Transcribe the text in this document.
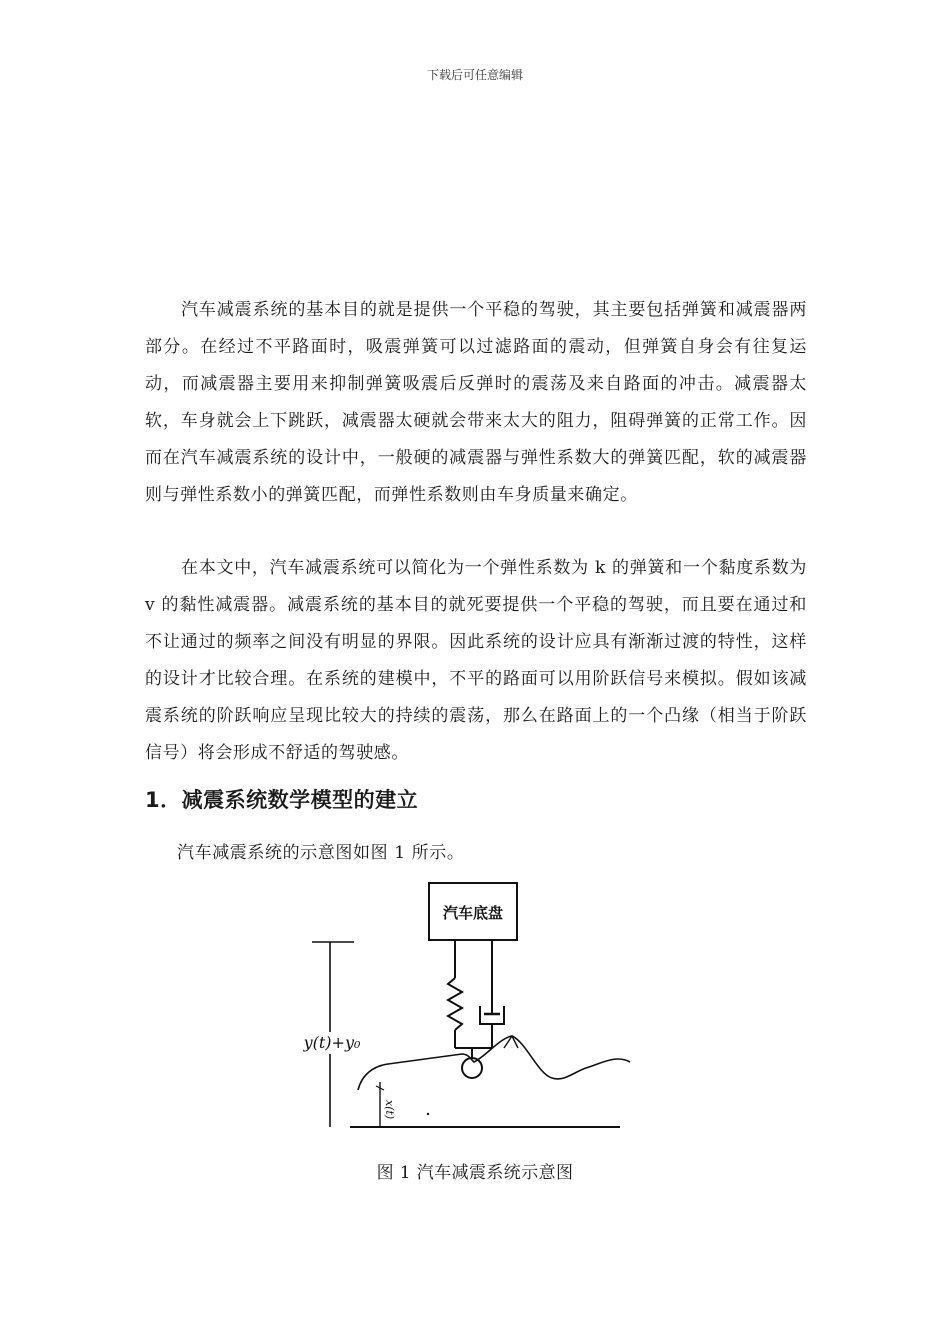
下载后可任意编辑

汽车减震系统的基本目的就是提供一个平稳的驾驶，其主要包括弹簧和减震器两部分。在经过不平路面时，吸震弹簧可以过滤路面的震动，但弹簧自身会有往复运动，而减震器主要用来抑制弹簧吸震后反弹时的震荡及来自路面的冲击。减震器太软，车身就会上下跳跃，减震器太硬就会带来太大的阻力，阻碍弹簧的正常工作。因而在汽车减震系统的设计中，一般硬的减震器与弹性系数大的弹簧匹配，软的减震器则与弹性系数小的弹簧匹配，而弹性系数则由车身质量来确定。

在本文中，汽车减震系统可以简化为一个弹性系数为 k 的弹簧和一个黏度系数为 v 的黏性减震器。减震系统的基本目的就死要提供一个平稳的驾驶，而且要在通过和不让通过的频率之间没有明显的界限。因此系统的设计应具有渐渐过渡的特性，这样的设计才比较合理。在系统的建模中，不平的路面可以用阶跃信号来模拟。假如该减震系统的阶跃响应呈现比较大的持续的震荡，那么在路面上的一个凸缘（相当于阶跃信号）将会形成不舒适的驾驶感。

1．减震系统数学模型的建立

汽车减震系统的示意图如图 1 所示。

汽车底盘
y(t)+y₀
x(t)

图 1 汽车减震系统示意图
